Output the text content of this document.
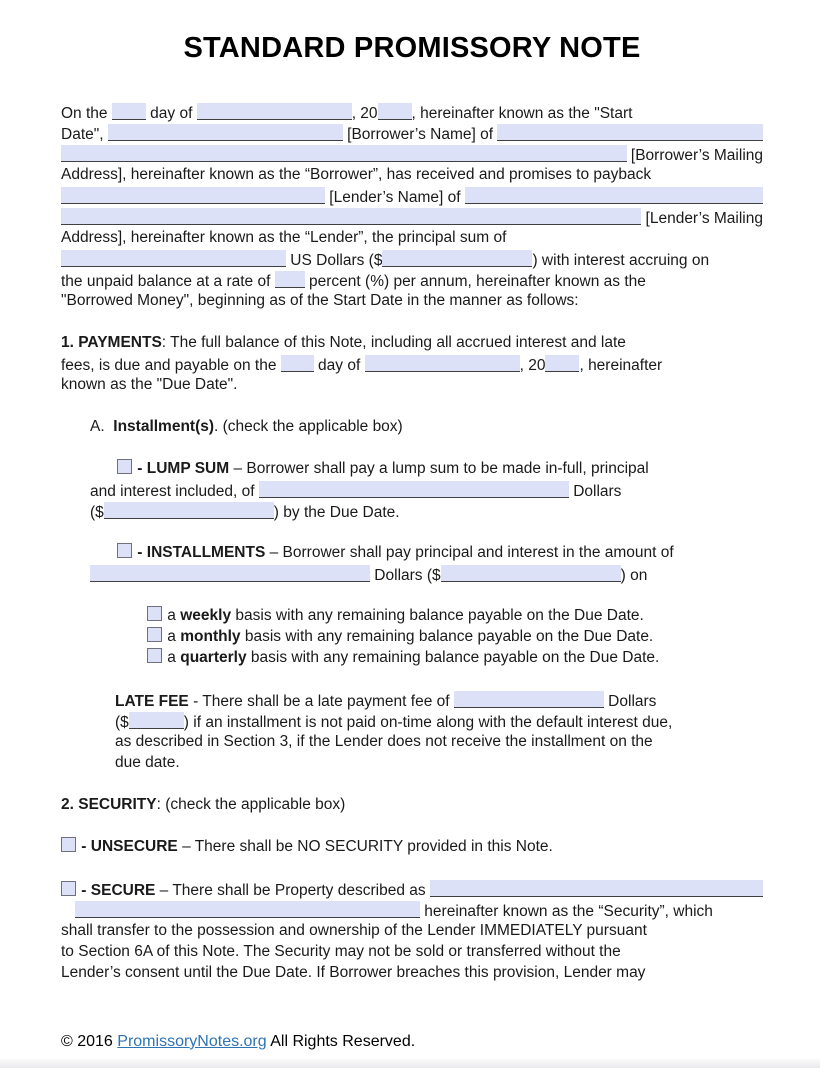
STANDARD PROMISSORY NOTE
On the day of	, 20 , hereinafter known as the "Start
Date",	[Borrower’s Name] of
[Borrower’s Mailing
Address], hereinafter known as the “Borrower”, has received and promises to payback
[Lender’s Name] of
[Lender’s Mailing
Address], hereinafter known as the “Lender”, the principal sum of
US Dollars ($	) with interest accruing on
the unpaid balance at a rate of percent (%) per annum, hereinafter known as the
"Borrowed Money", beginning as of the Start Date in the manner as follows:
1. PAYMENTS : The full balance of this Note, including all accrued interest and late
fees, is due and payable on the day of	, 20 , hereinafter
known as the "Due Date".
A. Installment(s) . (check the applicable box)
- LUMP SUM – Borrower shall pay a lump sum to be made in-full, principal
and interest included, of	Dollars
($	) by the Due Date.
- INSTALLMENTS – Borrower shall pay principal and interest in the amount of
Dollars ($	) on
a weekly basis with any remaining balance payable on the Due Date.
a monthly basis with any remaining balance payable on the Due Date.
a quarterly basis with any remaining balance payable on the Due Date.
LATE FEE - There shall be a late payment fee of	Dollars
($	) if an installment is not paid on-time along with the default interest due,
as described in Section 3, if the Lender does not receive the installment on the
due date.
2. SECURITY : (check the applicable box)
- UNSECURE – There shall be NO SECURITY provided in this Note.
- SECURE – There shall be Property described as
hereinafter known as the “Security”, which
shall transfer to the possession and ownership of the Lender IMMEDIATELY pursuant
to Section 6A of this Note. The Security may not be sold or transferred without the
Lender’s consent until the Due Date. If Borrower breaches this provision, Lender may
© 2016 PromissoryNotes.org All Rights Reserved.
